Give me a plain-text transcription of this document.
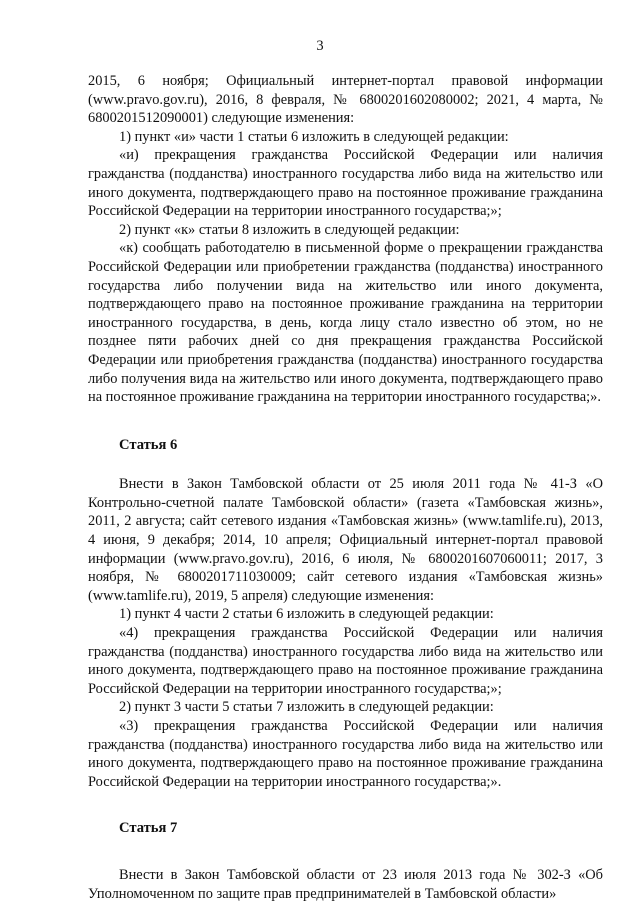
3

2015, 6 ноября; Официальный интернет-портал правовой информации (www.pravo.gov.ru), 2016, 8 февраля, № 6800201602080002; 2021, 4 марта, № 6800201512090001) следующие изменения:

1) пункт «и» части 1 статьи 6 изложить в следующей редакции:

«и) прекращения гражданства Российской Федерации или наличия гражданства (подданства) иностранного государства либо вида на жительство или иного документа, подтверждающего право на постоянное проживание гражданина Российской Федерации на территории иностранного государства;»;

2) пункт «к» статьи 8 изложить в следующей редакции:

«к) сообщать работодателю в письменной форме о прекращении гражданства Российской Федерации или приобретении гражданства (подданства) иностранного государства либо получении вида на жительство или иного документа, подтверждающего право на постоянное проживание гражданина на территории иностранного государства, в день, когда лицу стало известно об этом, но не позднее пяти рабочих дней со дня прекращения гражданства Российской Федерации или приобретения гражданства (подданства) иностранного государства либо получения вида на жительство или иного документа, подтверждающего право на постоянное проживание гражданина на территории иностранного государства;».

Статья 6

Внести в Закон Тамбовской области от 25 июля 2011 года № 41-З «О Контрольно-счетной палате Тамбовской области» (газета «Тамбовская жизнь», 2011, 2 августа; сайт сетевого издания «Тамбовская жизнь» (www.tamlife.ru), 2013, 4 июня, 9 декабря; 2014, 10 апреля; Официальный интернет-портал правовой информации (www.pravo.gov.ru), 2016, 6 июля, № 6800201607060011; 2017, 3 ноября, № 6800201711030009; сайт сетевого издания «Тамбовская жизнь» (www.tamlife.ru), 2019, 5 апреля) следующие изменения:

1) пункт 4 части 2 статьи 6 изложить в следующей редакции:

«4) прекращения гражданства Российской Федерации или наличия гражданства (подданства) иностранного государства либо вида на жительство или иного документа, подтверждающего право на постоянное проживание гражданина Российской Федерации на территории иностранного государства;»;

2) пункт 3 части 5 статьи 7 изложить в следующей редакции:

«3) прекращения гражданства Российской Федерации или наличия гражданства (подданства) иностранного государства либо вида на жительство или иного документа, подтверждающего право на постоянное проживание гражданина Российской Федерации на территории иностранного государства;».

Статья 7

Внести в Закон Тамбовской области от 23 июля 2013 года № 302-З «Об Уполномоченном по защите прав предпринимателей в Тамбовской области»
